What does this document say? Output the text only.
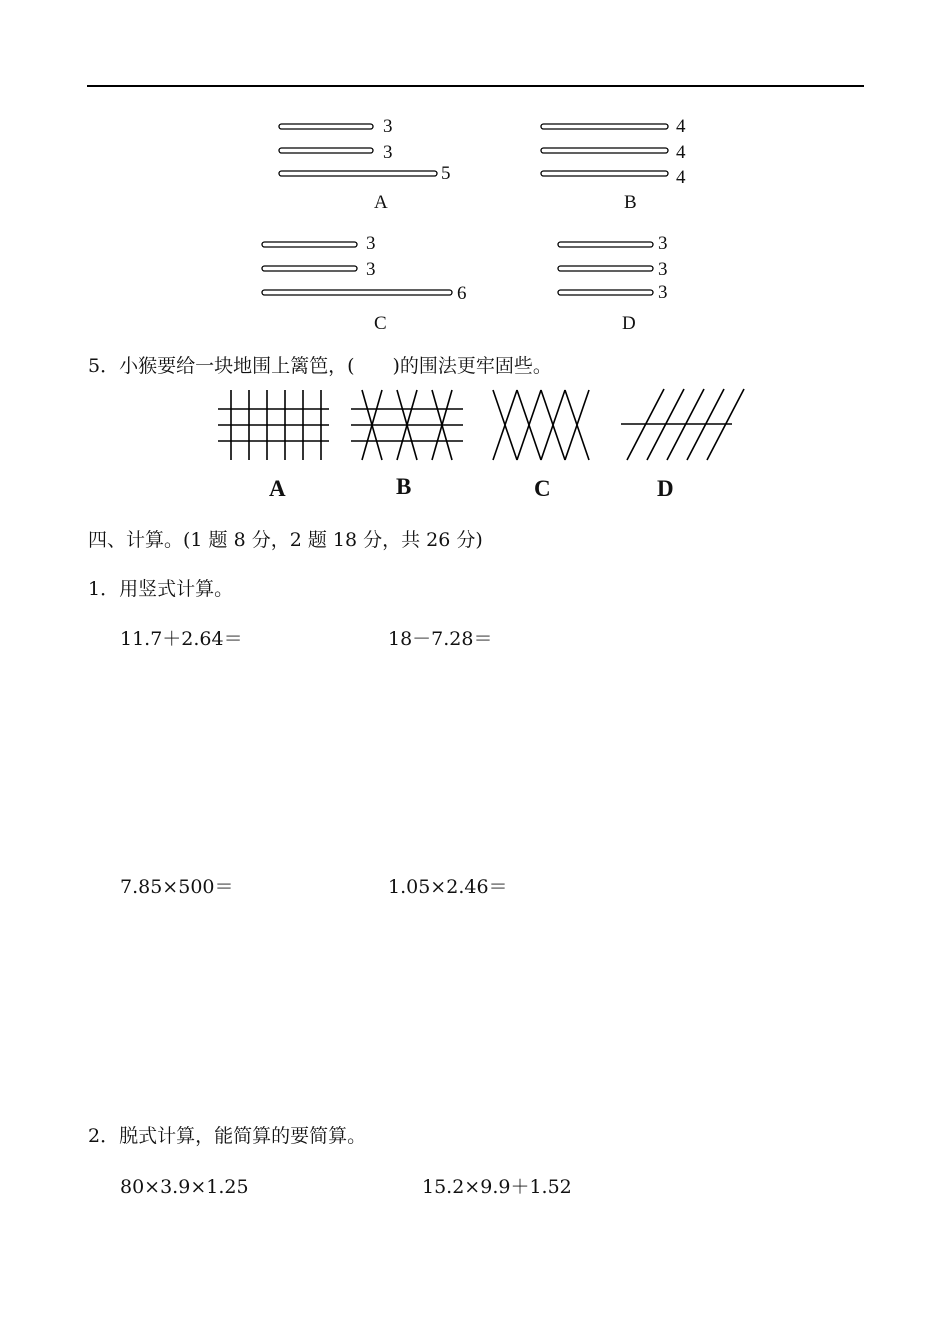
3
3
5
A
4
4
4
B
3
3
6
C
3
3
3
D
5．小猴要给一块地围上篱笆，(　　)的围法更牢固些。
A	B	C	D
四、计算。(1 题 8 分，2 题 18 分，共 26 分)
1．用竖式计算。
11.7＋2.64＝	18－7.28＝
7.85×500＝	1.05×2.46＝
2．脱式计算，能简算的要简算。
80×3.9×1.25	15.2×9.9＋1.52
